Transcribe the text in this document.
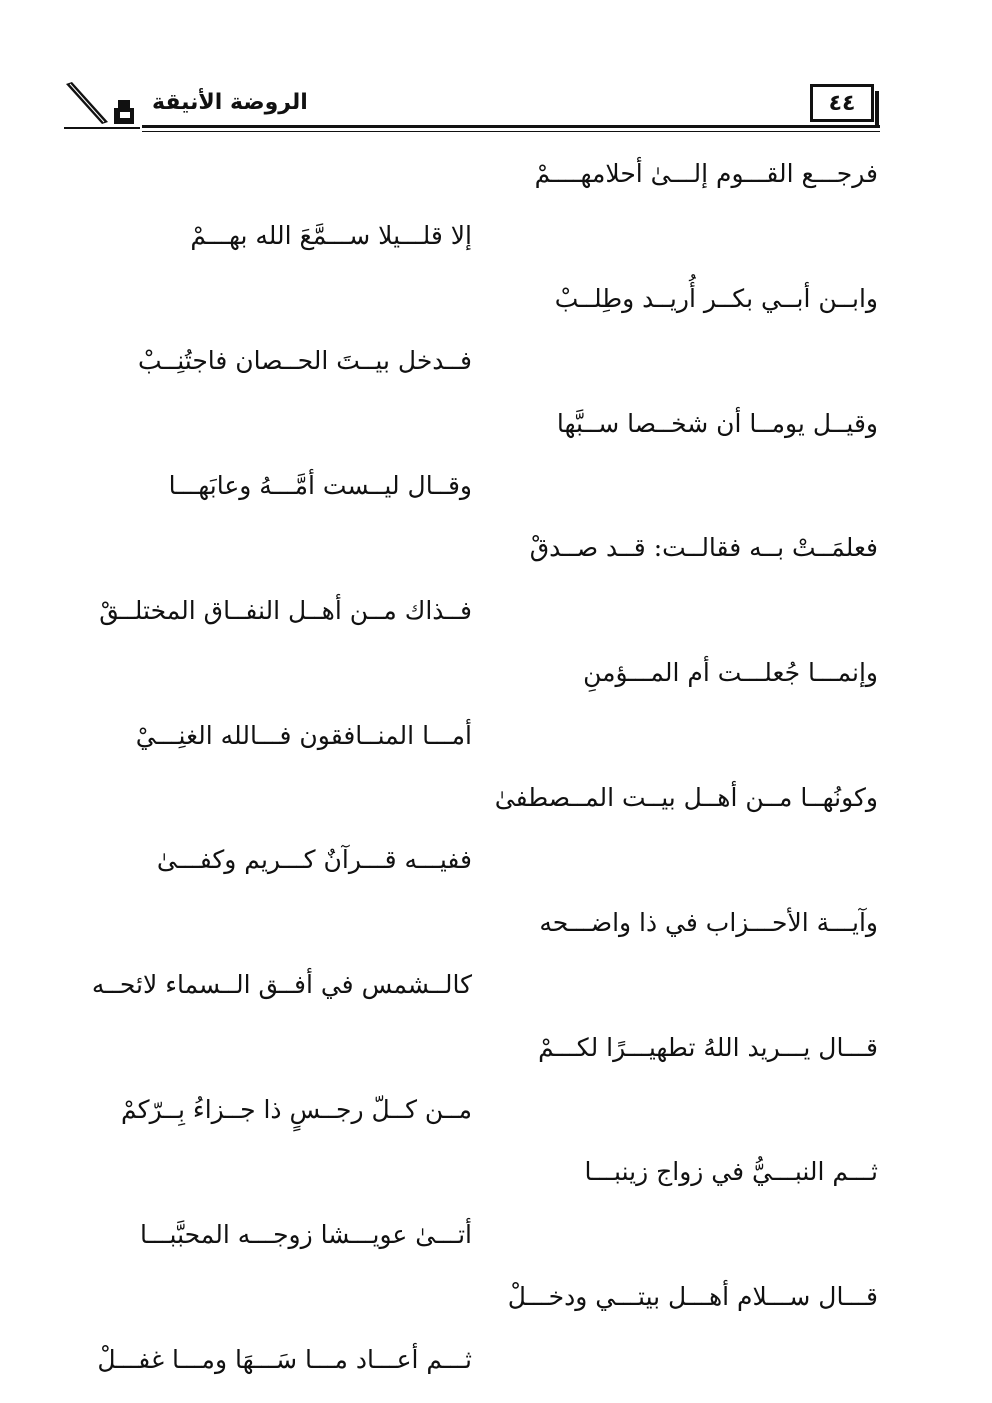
الروضة الأنيقة	٤٤
فرجـــع القـــوم إلـــىٰ أحلامهــــمْ
إلا قلـــيلا ســـمَّعَ الله بهـــمْ
وابــن أبــي بكــر أُريــد وطِلــبْ
فــدخل بيــتَ الحــصان فاجتُنِــبْ
وقيــل يومــا أن شخــصا ســبَّها
وقــال ليــست أمَّـــهُ وعابَهـــا
فعلمَــتْ بــه فقالــت: قــد صــدقْ
فــذاك مــن أهــل النفــاق المختلــقْ
وإنمـــا جُعلـــت أم المـــؤمنِ
أمـــا المنــافقون فـــالله الغنِـــيْ
وكونُهــا مــن أهــل بيــت المــصطفىٰ
ففيـــه قـــرآنٌ كـــريم وكفـــىٰ
وآيـــة الأحـــزاب في ذا واضـــحه
كالــشمس في أفــق الــسماء لائحــه
قـــال يـــريد اللهُ تطهيـــرًا لكـــمْ
مــن كــلّ رجــسٍ ذا جــزاءُ بِــرّكمْ
ثـــم النبـــيُّ في زواج زينبـــا
أتـــىٰ عويـــشا زوجـــه المحبَّبـــا
قـــال ســـلام أهـــل بيتـــي ودخـــلْ
ثـــم أعـــاد مـــا سَـــهَا ومـــا غفـــلْ
